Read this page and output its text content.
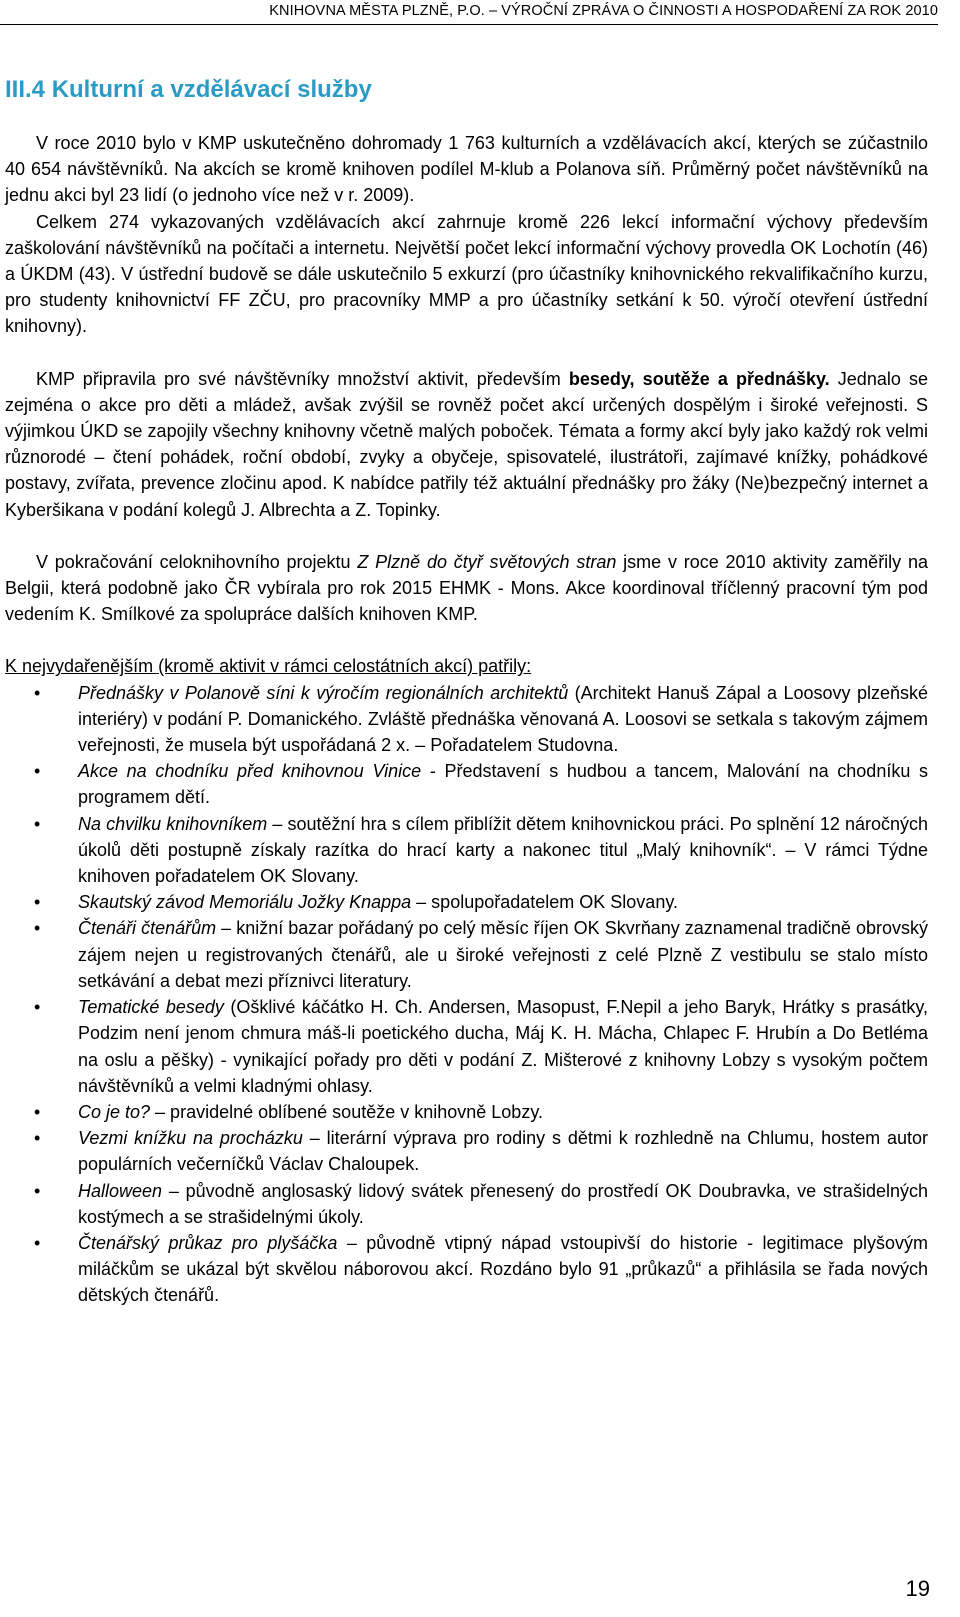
KNIHOVNA MĚSTA PLZNĚ, P.O. – VÝROČNÍ ZPRÁVA O ČINNOSTI A HOSPODAŘENÍ ZA ROK 2010
III.4 Kulturní a vzdělávací služby

V roce 2010 bylo v KMP uskutečněno dohromady 1 763 kulturních a vzdělávacích akcí, kterých se zúčastnilo 40 654 návštěvníků. Na akcích se kromě knihoven podílel M-klub a Polanova síň. Průměrný počet návštěvníků na jednu akci byl 23 lidí (o jednoho více než v r. 2009).

Celkem 274 vykazovaných vzdělávacích akcí zahrnuje kromě 226 lekcí informační výchovy především zaškolování návštěvníků na počítači a internetu. Největší počet lekcí informační výchovy provedla OK Lochotín (46) a ÚKDM (43). V ústřední budově se dále uskutečnilo 5 exkurzí (pro účastníky knihovnického rekvalifikačního kurzu, pro studenty knihovnictví FF ZČU, pro pracovníky MMP a pro účastníky setkání k 50. výročí otevření ústřední knihovny).

KMP připravila pro své návštěvníky množství aktivit, především besedy, soutěže a přednášky. Jednalo se zejména o akce pro děti a mládež, avšak zvýšil se rovněž počet akcí určených dospělým i široké veřejnosti. S výjimkou ÚKD se zapojily všechny knihovny včetně malých poboček. Témata a formy akcí byly jako každý rok velmi různorodé – čtení pohádek, roční období, zvyky a obyčeje, spisovatelé, ilustrátoři, zajímavé knížky, pohádkové postavy, zvířata, prevence zločinu apod. K nabídce patřily též aktuální přednášky pro žáky (Ne)bezpečný internet a Kyberšikana v podání kolegů J. Albrechta a Z. Topinky.

V pokračování celoknihovního projektu Z Plzně do čtyř světových stran jsme v roce 2010 aktivity zaměřily na Belgii, která podobně jako ČR vybírala pro rok 2015 EHMK - Mons. Akce koordinoval tříčlenný pracovní tým pod vedením K. Smílkové za spolupráce dalších knihoven KMP.

K nejvydařenějším (kromě aktivit v rámci celostátních akcí) patřily:

• Přednášky v Polanově síni k výročím regionálních architektů (Architekt Hanuš Zápal a Loosovy plzeňské interiéry) v podání P. Domanického. Zvláště přednáška věnovaná A. Loosovi se setkala s takovým zájmem veřejnosti, že musela být uspořádaná 2 x. – Pořadatelem Studovna.
• Akce na chodníku před knihovnou Vinice - Představení s hudbou a tancem, Malování na chodníku s programem dětí.
• Na chvilku knihovníkem – soutěžní hra s cílem přiblížit dětem knihovnickou práci. Po splnění 12 náročných úkolů děti postupně získaly razítka do hrací karty a nakonec titul „Malý knihovník“. – V rámci Týdne knihoven pořadatelem OK Slovany.
• Skautský závod Memoriálu Jožky Knappa – spolupořadatelem OK Slovany.
• Čtenáři čtenářům – knižní bazar pořádaný po celý měsíc říjen OK Skvrňany zaznamenal tradičně obrovský zájem nejen u registrovaných čtenářů, ale u široké veřejnosti z celé Plzně Z vestibulu se stalo místo setkávání a debat mezi příznivci literatury.
• Tematické besedy (Ošklivé káčátko H. Ch. Andersen, Masopust, F.Nepil a jeho Baryk, Hrátky s prasátky, Podzim není jenom chmura máš-li poetického ducha, Máj K. H. Mácha, Chlapec F. Hrubín a Do Betléma na oslu a pěšky) - vynikající pořady pro děti v podání Z. Mišterové z knihovny Lobzy s vysokým počtem návštěvníků a velmi kladnými ohlasy.
• Co je to? – pravidelné oblíbené soutěže v knihovně Lobzy.
• Vezmi knížku na procházku – literární výprava pro rodiny s dětmi k rozhledně na Chlumu, hostem autor populárních večerníčků Václav Chaloupek.
• Halloween – původně anglosaský lidový svátek přenesený do prostředí OK Doubravka, ve strašidelných kostýmech a se strašidelnými úkoly.
• Čtenářský průkaz pro plyšáčka – původně vtipný nápad vstoupivší do historie - legitimace plyšovým miláčkům se ukázal být skvělou náborovou akcí. Rozdáno bylo 91 „průkazů“ a přihlásila se řada nových dětských čtenářů.
19
